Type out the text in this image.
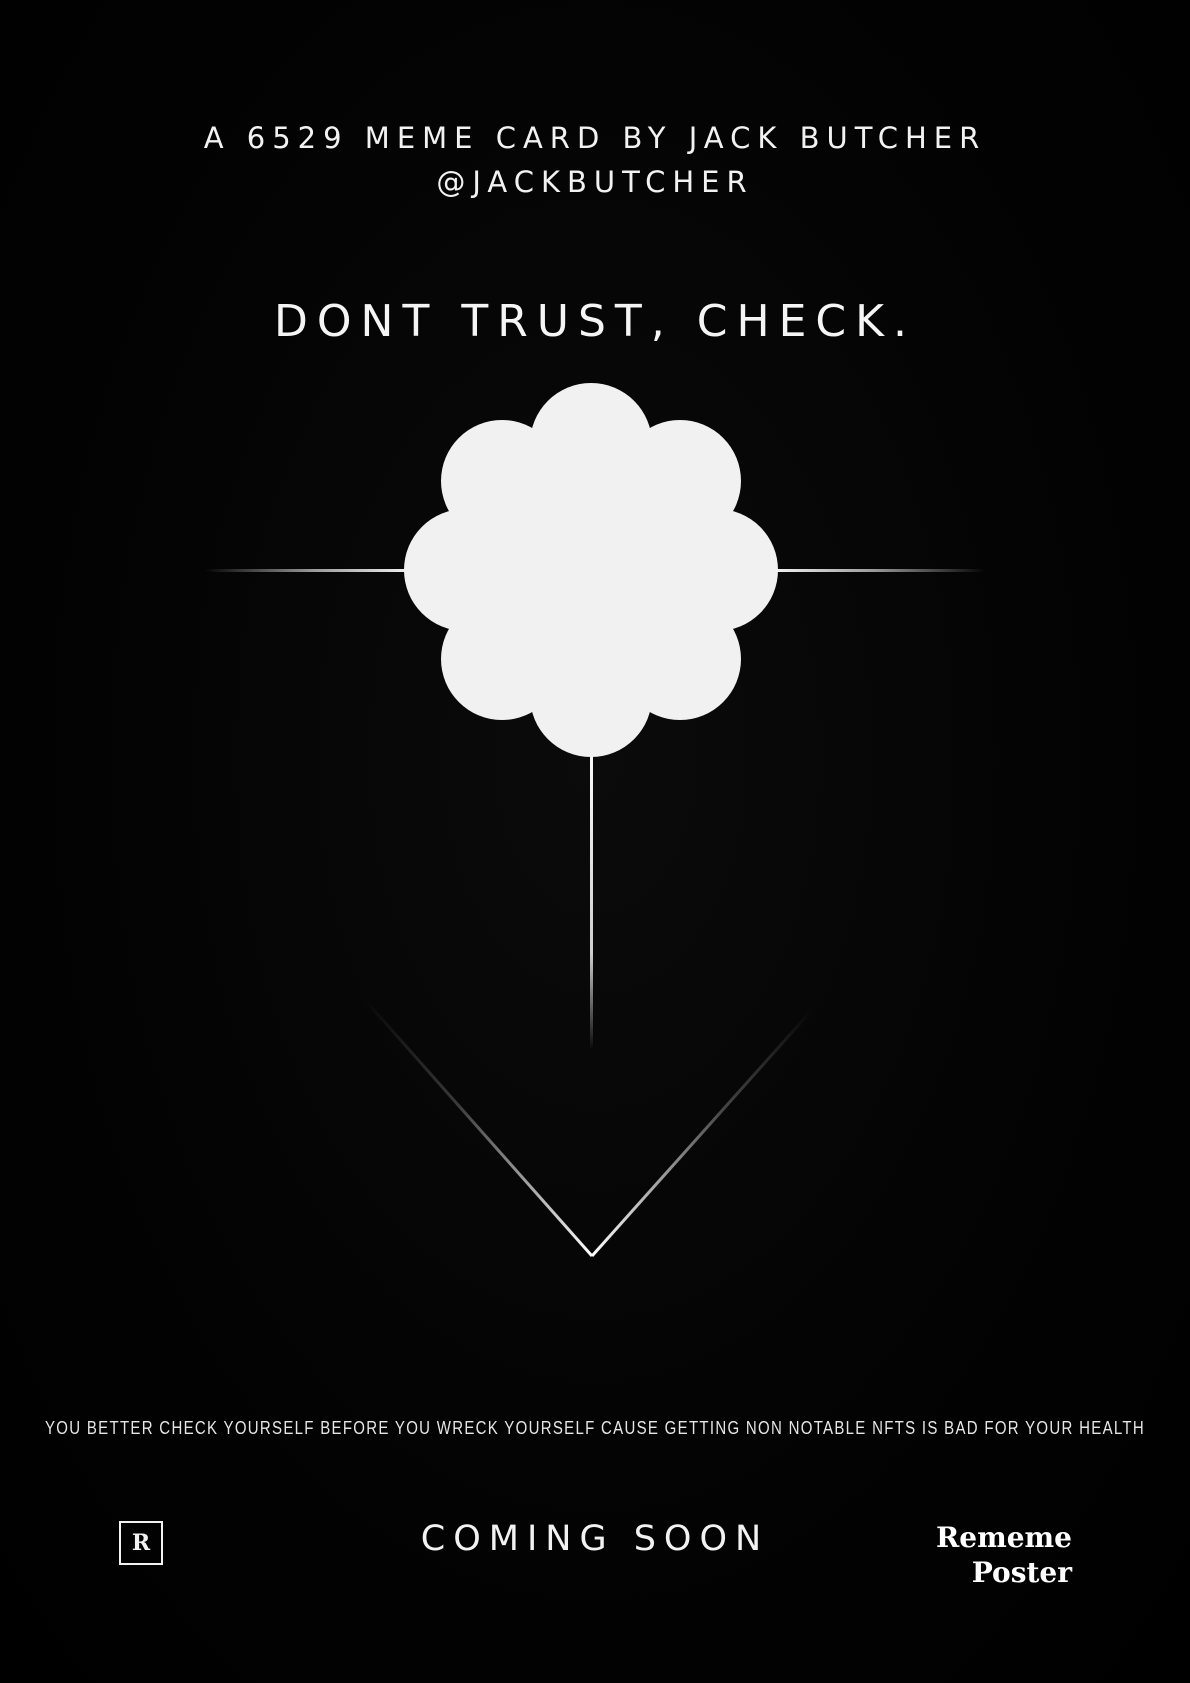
A 6529 MEME CARD BY JACK BUTCHER
@JACKBUTCHER
DONT TRUST, CHECK.
YOU BETTER CHECK YOURSELF BEFORE YOU WRECK YOURSELF CAUSE GETTING NON NOTABLE NFTS IS BAD FOR YOUR HEALTH
R	COMING SOON	Rememe
Poster
